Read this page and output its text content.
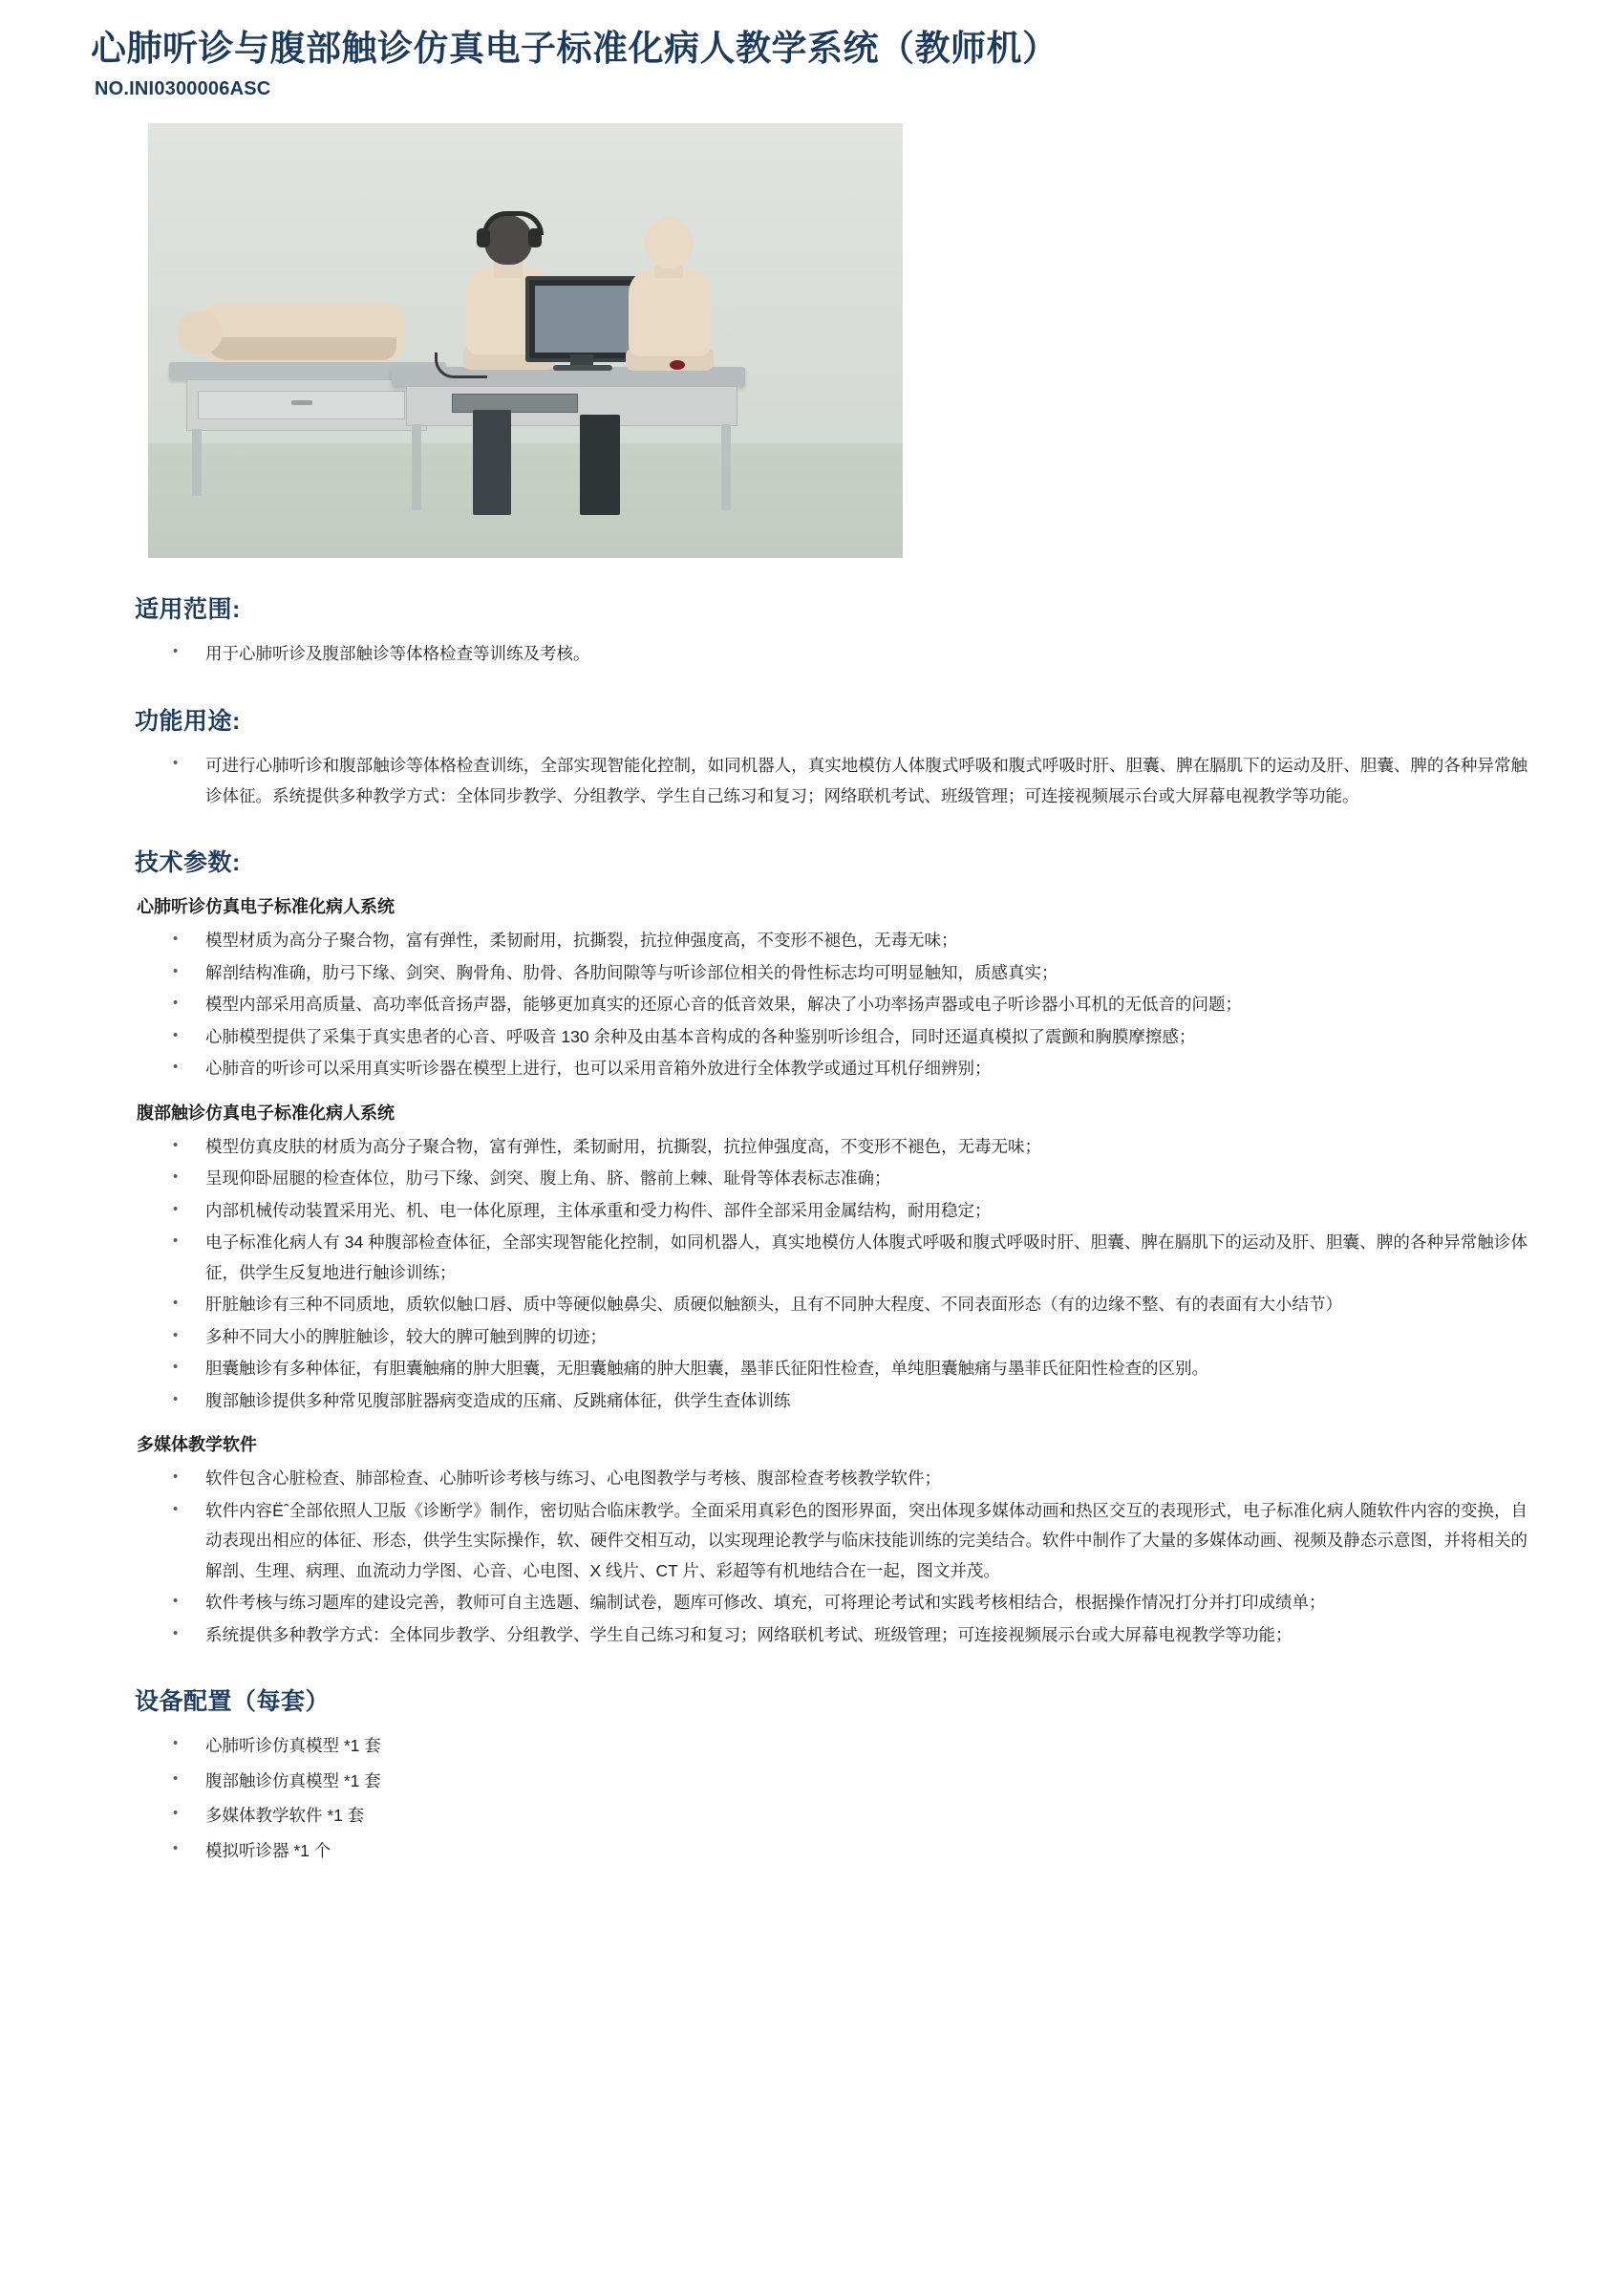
心肺听诊与腹部触诊仿真电子标准化病人教学系统（教师机）
NO.INI0300006ASC
适用范围:
• 用于心肺听诊及腹部触诊等体格检查等训练及考核。
功能用途:
• 可进行心肺听诊和腹部触诊等体格检查训练，全部实现智能化控制，如同机器人，真实地模仿人体腹式呼吸和腹式呼吸时肝、胆囊、脾在膈肌下的运动及肝、胆囊、脾的各种异常触诊体征。系统提供多种教学方式：全体同步教学、分组教学、学生自己练习和复习；网络联机考试、班级管理；可连接视频展示台或大屏幕电视教学等功能。
技术参数:
心肺听诊仿真电子标准化病人系统
• 模型材质为高分子聚合物，富有弹性，柔韧耐用，抗撕裂，抗拉伸强度高，不变形不褪色，无毒无味；
• 解剖结构准确，肋弓下缘、剑突、胸骨角、肋骨、各肋间隙等与听诊部位相关的骨性标志均可明显触知，质感真实；
• 模型内部采用高质量、高功率低音扬声器，能够更加真实的还原心音的低音效果，解决了小功率扬声器或电子听诊器小耳机的无低音的问题；
• 心肺模型提供了采集于真实患者的心音、呼吸音 130 余种及由基本音构成的各种鉴别听诊组合，同时还逼真模拟了震颤和胸膜摩擦感；
• 心肺音的听诊可以采用真实听诊器在模型上进行，也可以采用音箱外放进行全体教学或通过耳机仔细辨别；
腹部触诊仿真电子标准化病人系统
• 模型仿真皮肤的材质为高分子聚合物，富有弹性，柔韧耐用，抗撕裂，抗拉伸强度高，不变形不褪色，无毒无味；
• 呈现仰卧屈腿的检查体位，肋弓下缘、剑突、腹上角、脐、髂前上棘、耻骨等体表标志准确；
• 内部机械传动装置采用光、机、电一体化原理，主体承重和受力构件、部件全部采用金属结构，耐用稳定；
• 电子标准化病人有 34 种腹部检查体征，全部实现智能化控制，如同机器人，真实地模仿人体腹式呼吸和腹式呼吸时肝、胆囊、脾在膈肌下的运动及肝、胆囊、脾的各种异常触诊体征，供学生反复地进行触诊训练；
• 肝脏触诊有三种不同质地，质软似触口唇、质中等硬似触鼻尖、质硬似触额头，且有不同肿大程度、不同表面形态（有的边缘不整、有的表面有大小结节）
• 多种不同大小的脾脏触诊，较大的脾可触到脾的切迹；
• 胆囊触诊有多种体征，有胆囊触痛的肿大胆囊，无胆囊触痛的肿大胆囊，墨菲氏征阳性检查，单纯胆囊触痛与墨菲氏征阳性检查的区别。
• 腹部触诊提供多种常见腹部脏器病变造成的压痛、反跳痛体征，供学生查体训练
多媒体教学软件
• 软件包含心脏检查、肺部检查、心肺听诊考核与练习、心电图教学与考核、腹部检查考核教学软件；
• 软件内容Ëˆ全部依照人卫版《诊断学》制作，密切贴合临床教学。全面采用真彩色的图形界面，突出体现多媒体动画和热区交互的表现形式，电子标准化病人随软件内容的变换，自动表现出相应的体征、形态，供学生实际操作，软、硬件交相互动，以实现理论教学与临床技能训练的完美结合。软件中制作了大量的多媒体动画、视频及静态示意图，并将相关的解剖、生理、病理、血流动力学图、心音、心电图、X 线片、CT 片、彩超等有机地结合在一起，图文并茂。
• 软件考核与练习题库的建设完善，教师可自主选题、编制试卷，题库可修改、填充，可将理论考试和实践考核相结合，根据操作情况打分并打印成绩单；
• 系统提供多种教学方式：全体同步教学、分组教学、学生自己练习和复习；网络联机考试、班级管理；可连接视频展示台或大屏幕电视教学等功能；
设备配置（每套）
• 心肺听诊仿真模型 *1 套
• 腹部触诊仿真模型 *1 套
• 多媒体教学软件 *1 套
• 模拟听诊器 *1 个
